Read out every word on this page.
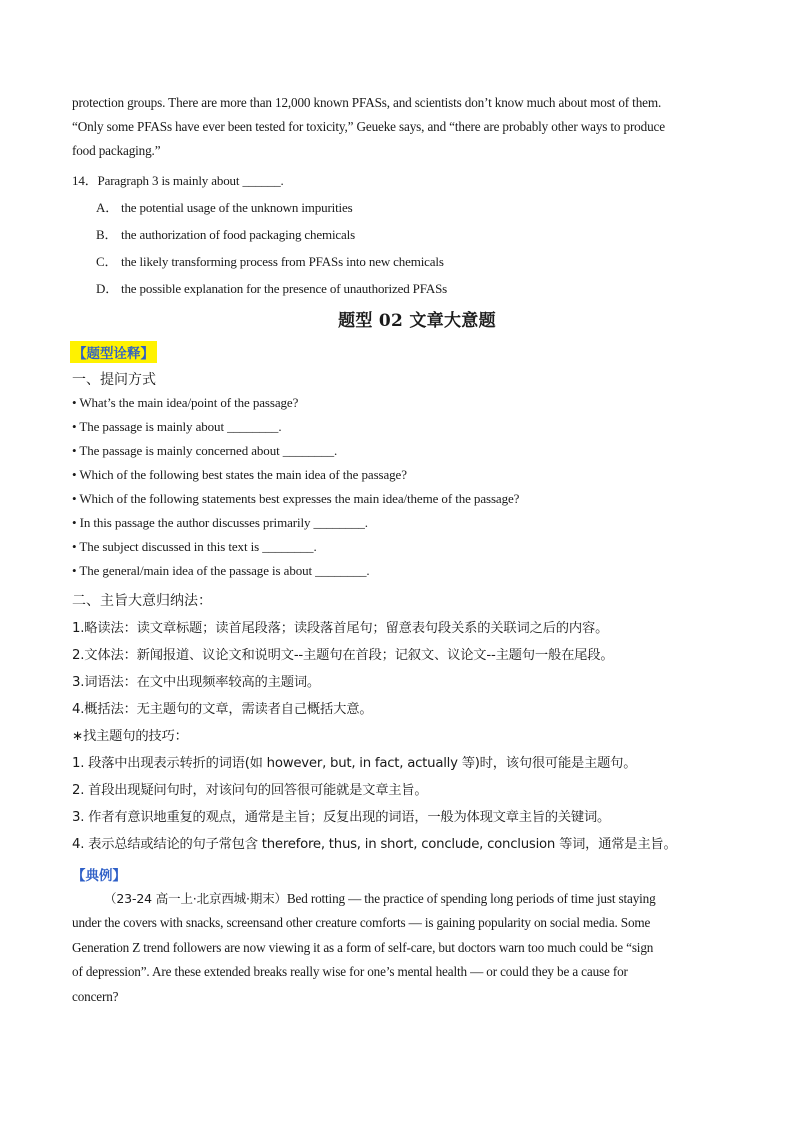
protection groups. There are more than 12,000 known PFASs, and scientists don’t know much about most of them.
“Only some PFASs have ever been tested for toxicity,” Geueke says, and “there are probably other ways to produce
food packaging.”
14．Paragraph 3 is mainly about ______.
A． the potential usage of the unknown impurities
B． the authorization of food packaging chemicals
C． the likely transforming process from PFASs into new chemicals
D． the possible explanation for the presence of unauthorized PFASs
题型 02 文章大意题
【题型诠释】
一、提问方式
• What’s the main idea/point of the passage?
• The passage is mainly about ________.
• The passage is mainly concerned about ________.
• Which of the following best states the main idea of the passage?
• Which of the following statements best expresses the main idea/theme of the passage?
• In this passage the author discusses primarily ________.
• The subject discussed in this text is ________.
• The general/main idea of the passage is about ________.
二、主旨大意归纳法：
1.略读法：读文章标题；读首尾段落；读段落首尾句；留意表句段关系的关联词之后的内容。
2.文体法：新闻报道、议论文和说明文--主题句在首段；记叙文、议论文--主题句一般在尾段。
3.词语法：在文中出现频率较高的主题词。
4.概括法：无主题句的文章，需读者自己概括大意。
∗找主题句的技巧：
1. 段落中出现表示转折的词语(如 however, but, in fact, actually 等)时，该句很可能是主题句。
2. 首段出现疑问句时，对该问句的回答很可能就是文章主旨。
3. 作者有意识地重复的观点，通常是主旨；反复出现的词语，一般为体现文章主旨的关键词。
4. 表示总结或结论的句子常包含 therefore, thus, in short, conclude, conclusion 等词，通常是主旨。
【典例】
（23-24 高一上·北京西城·期末）Bed rotting — the practice of spending long periods of time just staying
under the covers with snacks, screensand other creature comforts — is gaining popularity on social media. Some
Generation Z trend followers are now viewing it as a form of self-care, but doctors warn too much could be “sign
of depression”. Are these extended breaks really wise for one’s mental health — or could they be a cause for
concern?
